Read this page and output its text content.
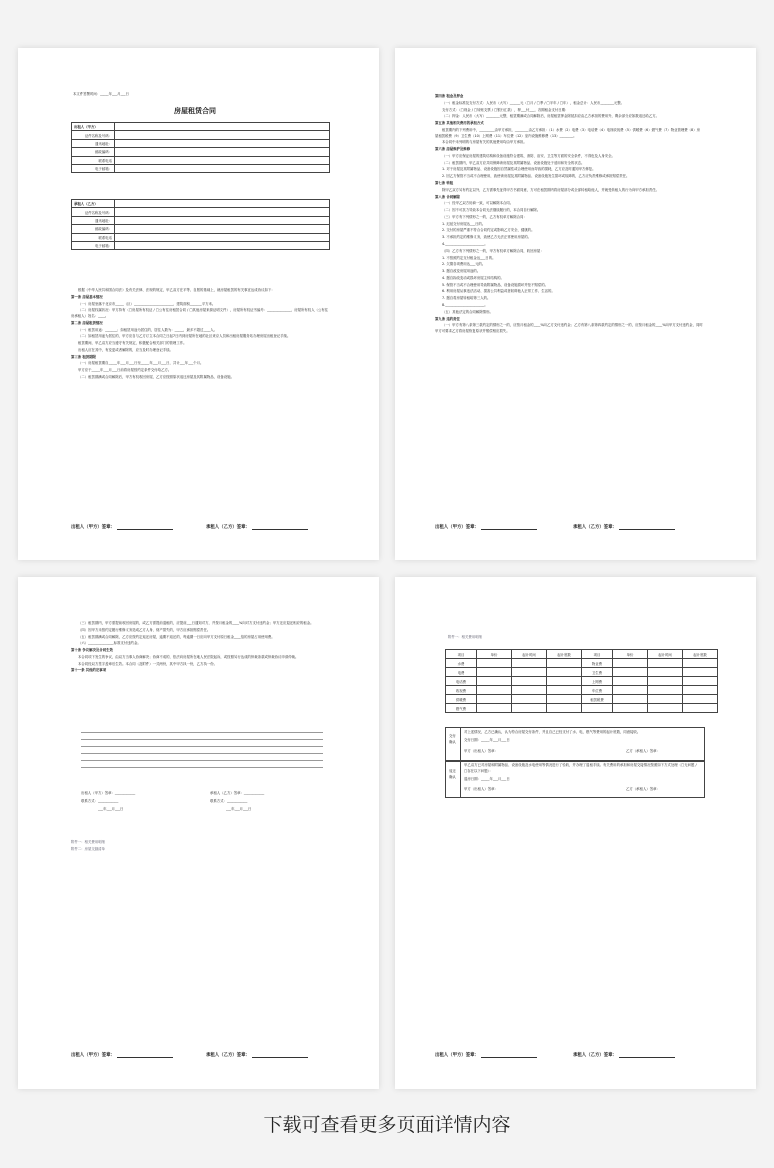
本文件签署时间：_____年___月___日
房屋租赁合同
出租人（甲方）	
证件名称及号码：	
通讯地址：	
邮政编码：	
联系电话	
电子邮箱：	
承租人（乙方）	
证件名称及号码：	
通讯地址：	
邮政编码：	
联系电话	
电子邮箱：	
根据《中华人民共和国合同法》及有关法律、法规的规定，甲乙双方在平等、自愿的基础上，就房屋租赁的有关事宜达成协议如下：
第一条 房屋基本情况
（一）房屋坐落于北京市_____（区）_______________________，建筑面积_______平方米。
（二）房屋权属状况：甲方持有（□房屋所有权证 / □公有住房租赁合同 / □其他房屋来源证明文件），房屋所有权证书编号：______________，房屋所有权人（公有住房承租人）姓名：____。
第二条 房屋租赁情况
（一）租赁用途：_______；如租赁用途为居住的，居住人数为：_____，最多不超过____人。
（二）如租赁用途为居住的，甲方应自与乙方订立本合同之日起7日内到房屋所在地的社区来京人员和出租房屋服务站办理房屋出租登记手续。
租赁期间，甲乙双方应当遵守有关规定，积极配合相关部门的管理工作。
出租人应在其中，有变更或者解除的，应当及时办理登记手续。
第三条 租赁期限
（一）房屋租赁期自_____年___月___日至_____年___月___日，共计___年___个月。
甲方应于_____年___月___日前将房屋按约定条件交付给乙方。
（二）租赁期满或合同解除后，甲方有权收回房屋，乙方应按照原状返还房屋及其附属物品、设备设施。
出租人（甲方）签章：	承租人（乙方）签章：
第四条 租金及押金
（一）租金标准及支付方式：人民币（大写）______元（□月 / □季 / □半年 / □年），租金总计：人民币________元整。
支付方式：（□现金 / □转账支票 / □银行汇款），押___付___，各期租金支付日期：
（二）押金：人民币（大写）________元整，租赁期满或合同解除后，房屋租赁押金除抵扣应由乙方承担的费用外，剩余部分应如数返还给乙方。
第五条 其他相关费用的承担方式
租赁期内的下列费用中，_________由甲方承担，________由乙方承担：（1）水费（2）电费（3）电话费（4）电视收视费（5）供暖费（6）燃气费（7）物业管理费（8）房屋租赁税费（9）卫生费（10）上网费（11）车位费（12）室内设施维修费（13）________。
本合同中未列明的与房屋有关的其他费用均由甲方承担。
第六条 房屋维护及维修
（一）甲方应保证房屋的建筑结构和设备设施符合建筑、消防、治安、卫生等方面的安全条件，不得危及人身安全。
（二）租赁期内，甲乙双方应共同保障该房屋及其附属物品、设备设施处于适用和安全的状态。
1. 对于房屋及其附属物品、设备设施因自然属性或合理使用而导致的损耗，乙方应及时通知甲方修复。
2. 因乙方保管不当或不合理使用，致使该房屋及其附属物品、设备设施发生损坏或故障的，乙方应负责维修或承担赔偿责任。
第七条 转租
除甲乙双方另有约定以外，乙方需事先征得甲方书面同意，方可在租赁期内将房屋部分或全部转租给他人，并就受转租人的行为向甲方承担责任。
第八条 合同解除
（一）经甲乙双方协商一致，可以解除本合同。
（二）因不可抗力导致本合同无法继续履行的，本合同自行解除。
（三）甲方有下列情形之一的，乙方有权单方解除合同：
1. 迟延交付房屋达___日的。
2. 交付的房屋严重不符合合同约定或影响乙方安全、健康的。
3. 不承担约定的维修义务，致使乙方无法正常使用房屋的。
4._______________________。
（四）乙方有下列情形之一的，甲方有权单方解除合同，收回房屋：
1. 不按照约定支付租金达___日的。
2. 欠缴各项费用达___元的。
3. 擅自改变房屋用途的。
4. 擅自拆改变动或损坏房屋主体结构的。
5. 保管不当或不合理使用导致附属物品、设备设施损坏并拒不赔偿的。
6. 利用房屋从事违法活动、损害公共利益或者妨碍他人正常工作、生活的。
7. 擅自将房屋转租给第三人的。
8._______________________。
（五）其他法定的合同解除情形。
第九条 违约责任
（一）甲方有第八条第三款约定的情形之一的，应按月租金的____%向乙方支付违约金；乙方有第八条第四款约定的情形之一的，应按月租金的____%向甲方支付违约金，同时甲方可要求乙方将房屋恢复原状并赔偿相应损失。
出租人（甲方）签章：	承租人（乙方）签章：
（三）租赁期内，甲方需提前收回房屋的，或乙方需提前退租的，应提前___日通知对方，并按月租金的____%向对方支付违约金；甲方还应退还相应的租金。
（四）因甲方未按约定履行维修义务造成乙方人身、财产损失的，甲方应承担赔偿责任。
（五）租赁期满或合同解除，乙方应按约定返还房屋，逾期不返还的，每逾期一日应向甲方支付原日租金____倍的房屋占用使用费。
（六）_______________标准支付违约金。
第十条 争议解决及合同生效
本合同项下发生的争议，由双方当事人协商解决；协商不成的，依法向房屋所在地人民法院起诉，或按照另行达成的仲裁条款或仲裁协议申请仲裁。
本合同经双方签字盖章后生效。本合同（及附件）一式两份，其中甲方执一份，乙方执一份。
第十一条 其他约定事项
出租人（甲方）签章：____________
联系方式：____________
___年___月___日
承租人（乙方）签章：____________
联系方式：____________
___年___月___日
附件一：相关费用明细
附件二：房屋交割清单
出租人（甲方）签章：	承租人（乙方）签章：
附件一：相关费用明细
项目	单价	起计时间	起计底数	项目	单价	起计时间	起计底数
水费				物业费			
电费				卫生费			
电话费				上网费			
收视费				车位费			
供暖费				租赁税费			
燃气费							
交付确认
对上述情况，乙方已确认，认为符合房屋交付条件，并且自己已经支付了水、电、燃气等费用的起计底数，同意接收。
交付日期：_____年___月___日
甲方（出租人）签章：	乙方（承租人）签章：
返还确认
甲乙双方已对房屋和附属物品、设备设施及水电使用等情况进行了验收，并办理了退租手续。有关费用的承担和房屋交接情况按照如下方式处理（□无问题 / □存在以下问题）：
退房日期：_____年___月___日
甲方（出租人）签章：	乙方（承租人）签章：
出租人（甲方）签章：	承租人（乙方）签章：
下载可查看更多页面详情内容
